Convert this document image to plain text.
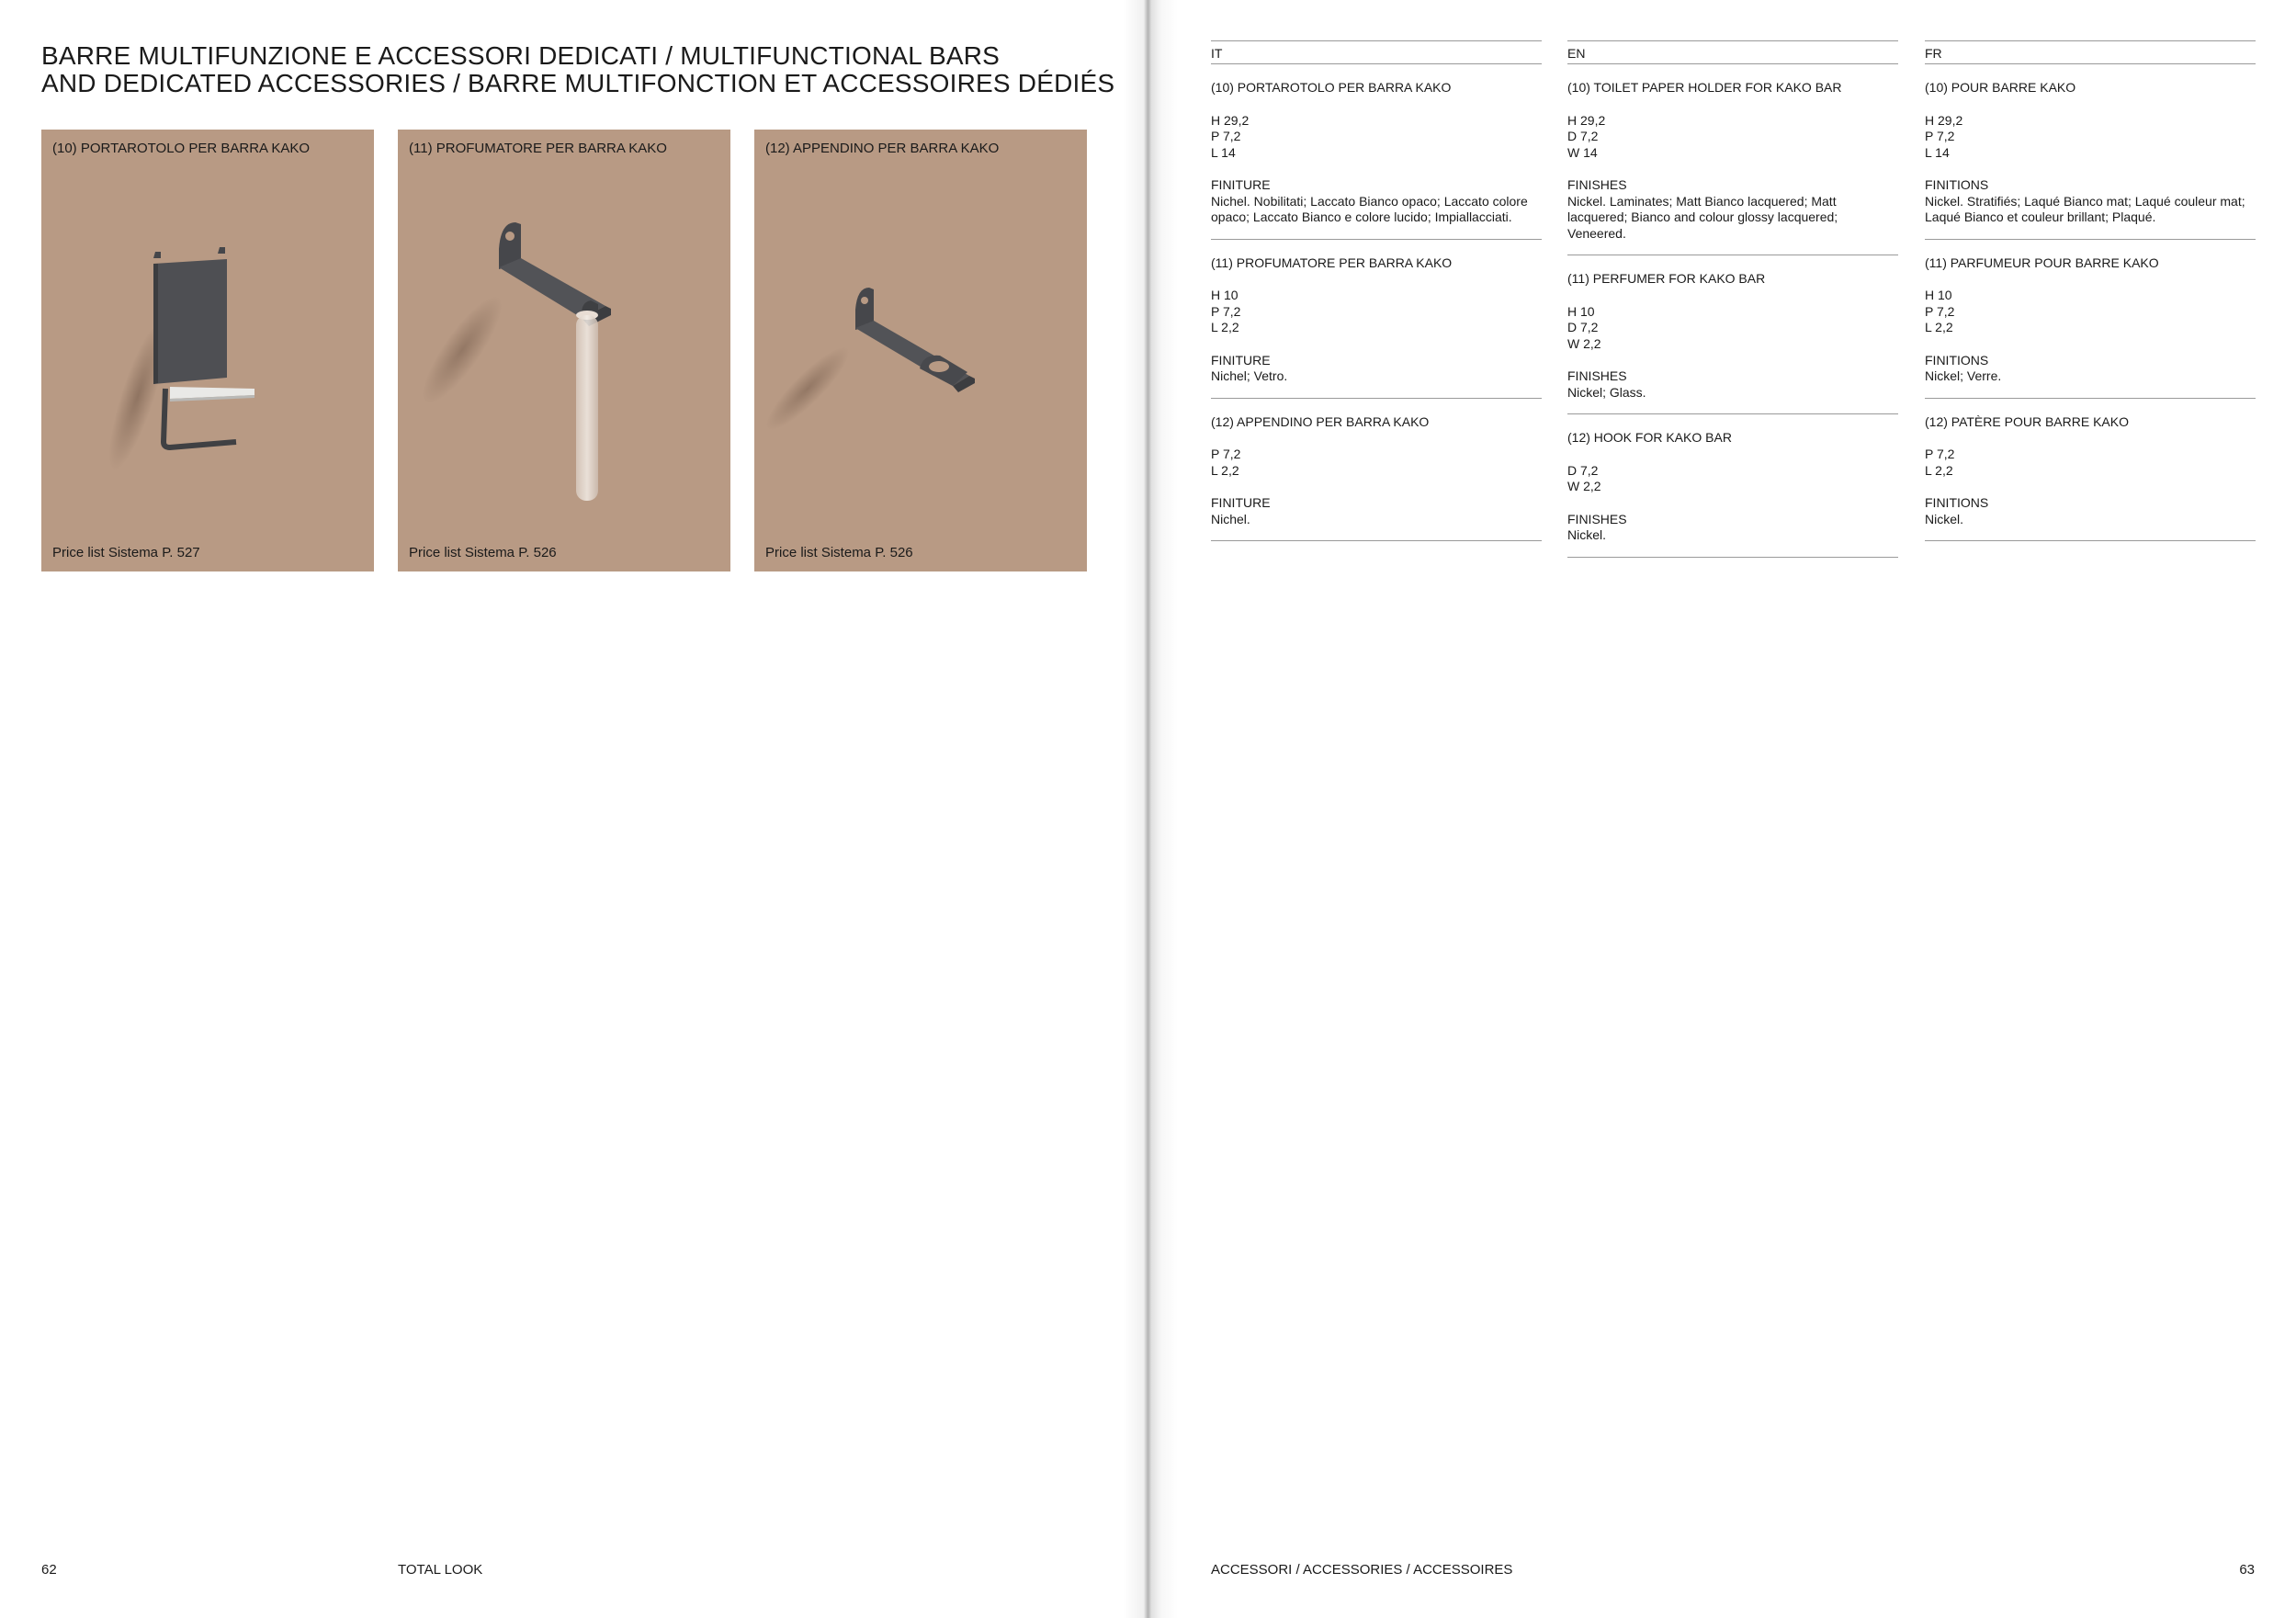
BARRE MULTIFUNZIONE E ACCESSORI DEDICATI / MULTIFUNCTIONAL BARS
AND DEDICATED ACCESSORIES / BARRE MULTIFONCTION ET ACCESSOIRES DÉDIÉS
(10) PORTAROTOLO PER BARRA KAKO
Price list Sistema P. 527
(11) PROFUMATORE PER BARRA KAKO
Price list Sistema P. 526
(12) APPENDINO PER BARRA KAKO
Price list Sistema P. 526
62	TOTAL LOOK
IT
(10) PORTAROTOLO PER BARRA KAKO
H 29,2
P 7,2
L 14
FINITURE
Nichel. Nobilitati; Laccato Bianco opaco; Laccato colore opaco; Laccato Bianco e colore lucido; Impiallacciati.
(11) PROFUMATORE PER BARRA KAKO
H 10
P 7,2
L 2,2
FINITURE
Nichel; Vetro.
(12) APPENDINO PER BARRA KAKO
P 7,2
L 2,2
FINITURE
Nichel.
EN
(10) TOILET PAPER HOLDER FOR KAKO BAR
H 29,2
D 7,2
W 14
FINISHES
Nickel. Laminates; Matt Bianco lacquered; Matt lacquered; Bianco and colour glossy lacquered; Veneered.
(11) PERFUMER FOR KAKO BAR
H 10
D 7,2
W 2,2
FINISHES
Nickel; Glass.
(12) HOOK FOR KAKO BAR
D 7,2
W 2,2
FINISHES
Nickel.
FR
(10) POUR BARRE KAKO
H 29,2
P 7,2
L 14
FINITIONS
Nickel. Stratifiés; Laqué Bianco mat; Laqué couleur mat; Laqué Bianco et couleur brillant; Plaqué.
(11) PARFUMEUR POUR BARRE KAKO
H 10
P 7,2
L 2,2
FINITIONS
Nickel; Verre.
(12) PATÈRE POUR BARRE KAKO
P 7,2
L 2,2
FINITIONS
Nickel.
ACCESSORI / ACCESSORIES / ACCESSOIRES	63
